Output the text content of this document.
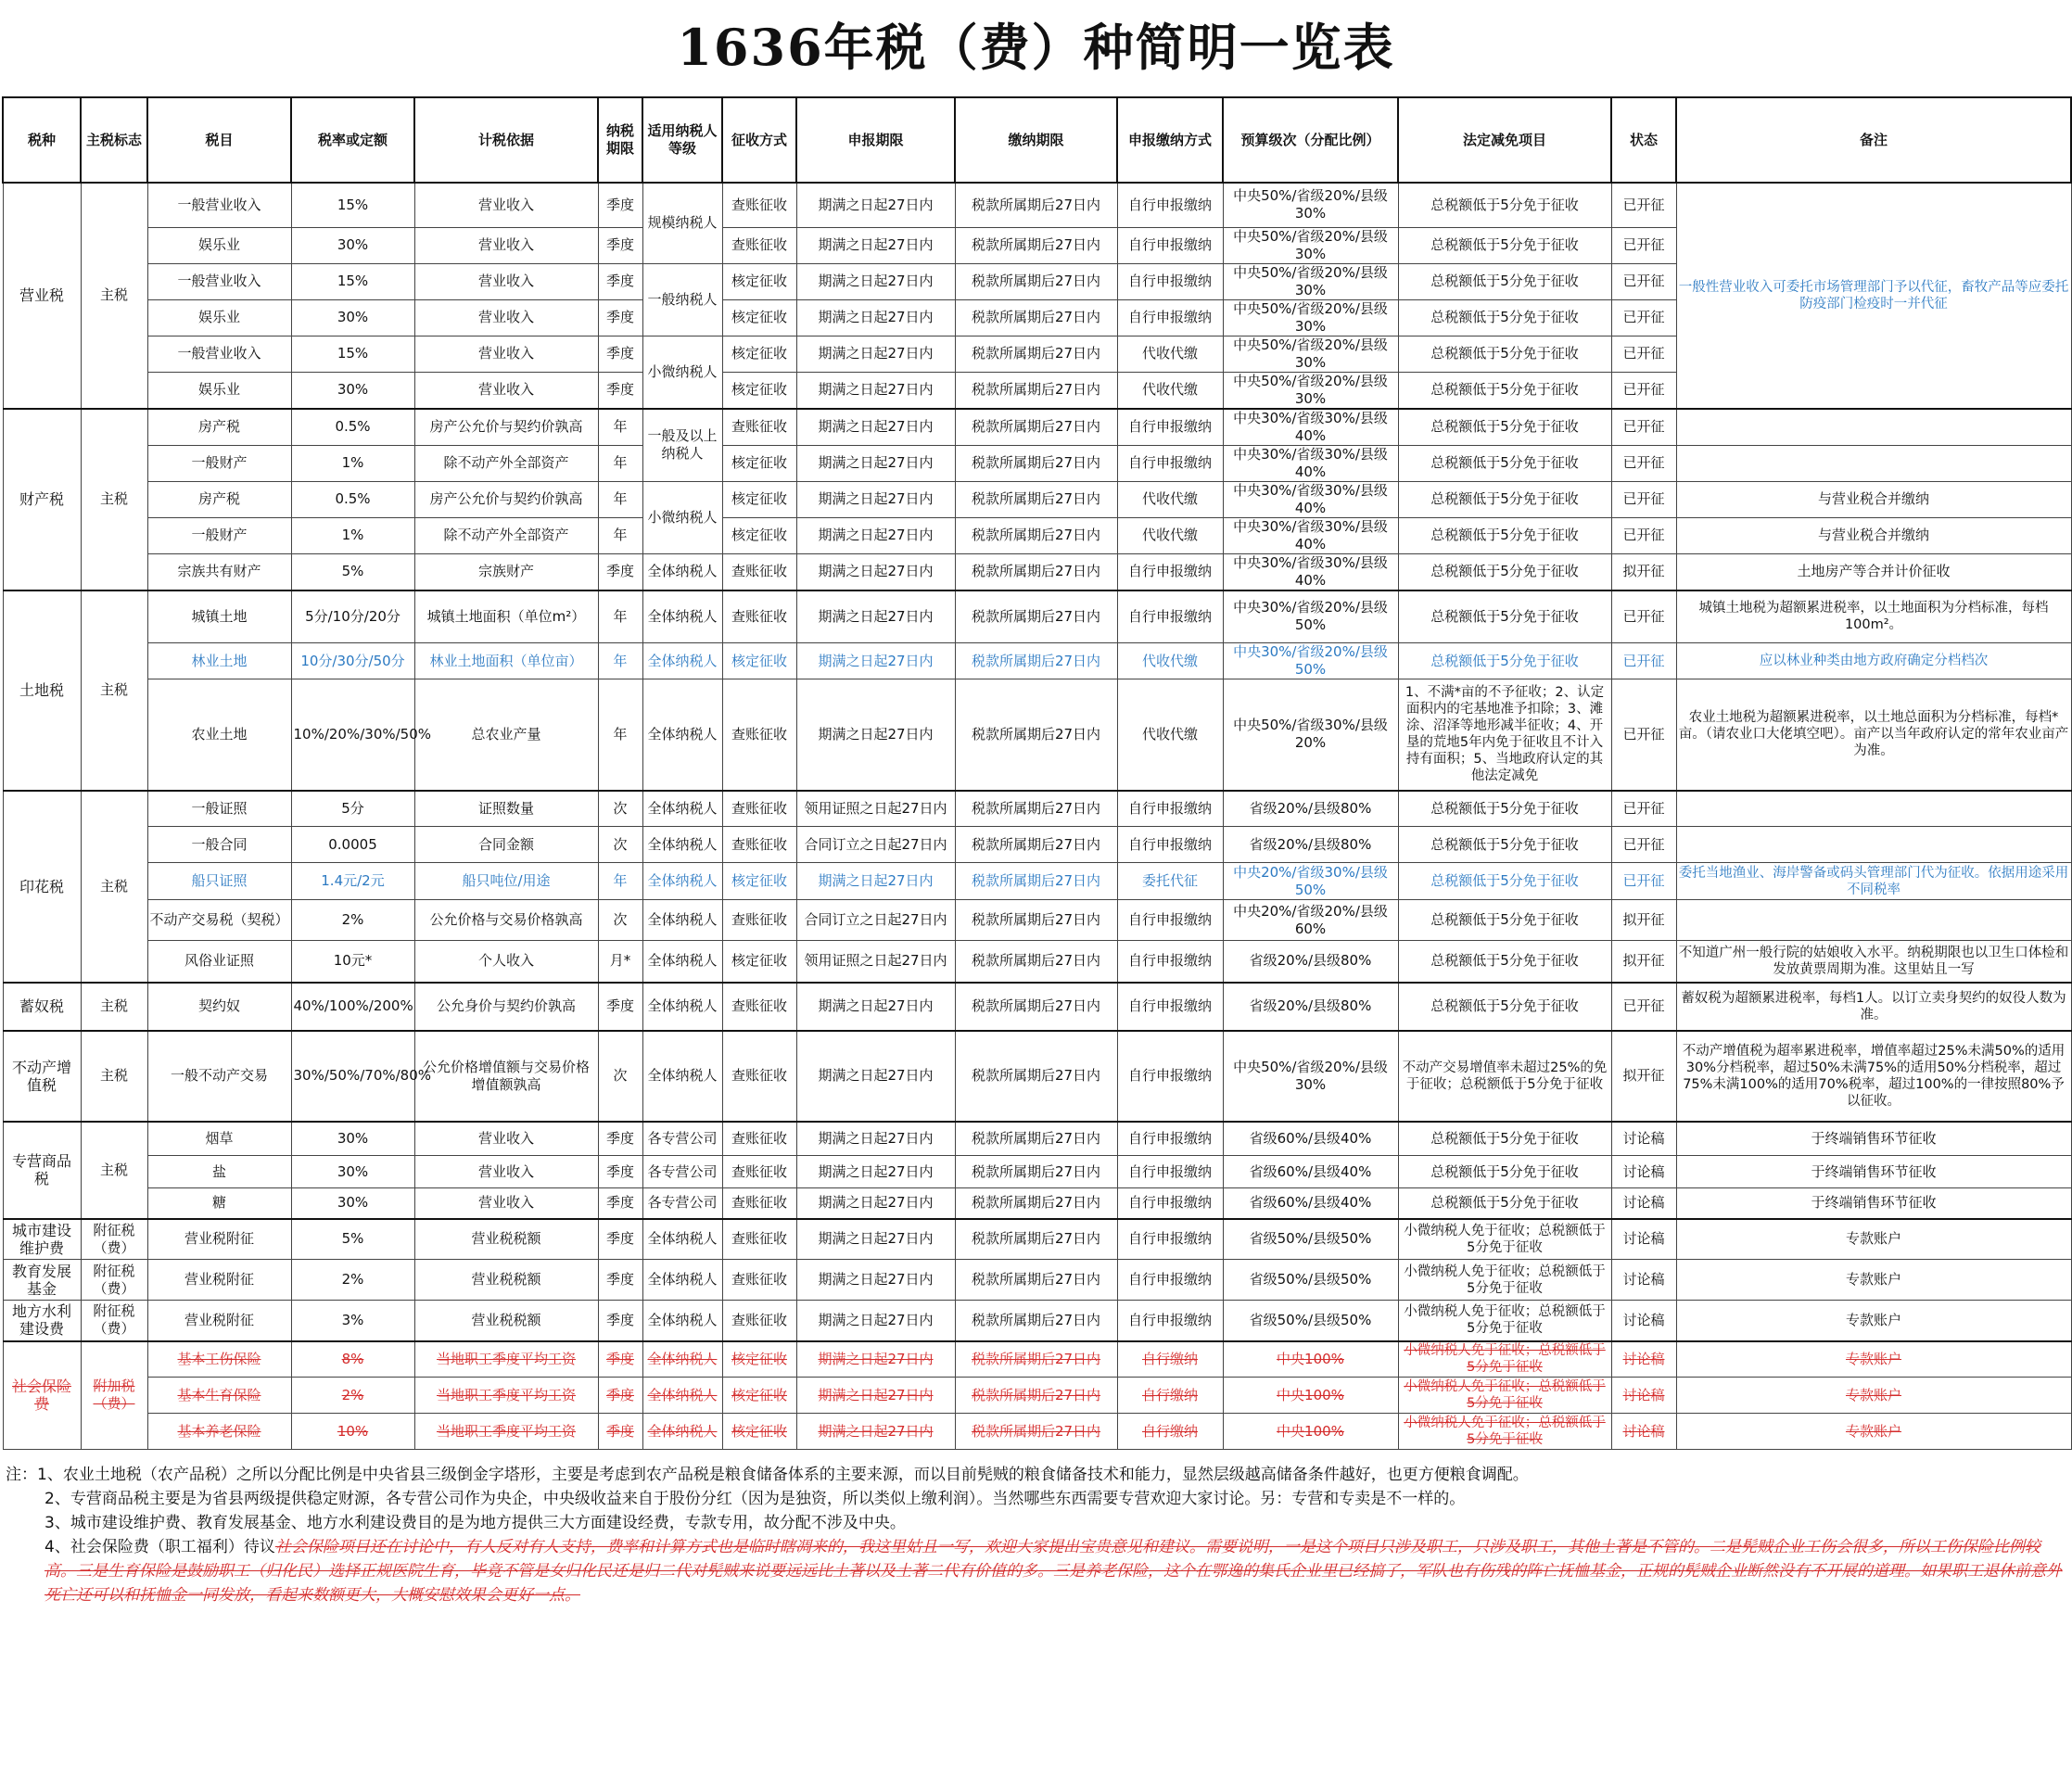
1636年税（费）种简明一览表
税种	主税标志	税目	税率或定额	计税依据	纳税期限	适用纳税人等级	征收方式	申报期限	缴纳期限	申报缴纳方式	预算级次（分配比例）	法定减免项目	状态	备注
营业税	主税	一般营业收入	15%	营业收入	季度	规模纳税人	查账征收	期满之日起27日内	税款所属期后27日内	自行申报缴纳	中央50%/省级20%/县级30%	总税额低于5分免于征收	已开征	一般性营业收入可委托市场管理部门予以代征，畜牧产品等应委托防疫部门检疫时一并代征
		娱乐业	30%	营业收入	季度		查账征收	期满之日起27日内	税款所属期后27日内	自行申报缴纳	中央50%/省级20%/县级30%	总税额低于5分免于征收	已开征	
		一般营业收入	15%	营业收入	季度	一般纳税人	核定征收	期满之日起27日内	税款所属期后27日内	自行申报缴纳	中央50%/省级20%/县级30%	总税额低于5分免于征收	已开征	
		娱乐业	30%	营业收入	季度		核定征收	期满之日起27日内	税款所属期后27日内	自行申报缴纳	中央50%/省级20%/县级30%	总税额低于5分免于征收	已开征	
		一般营业收入	15%	营业收入	季度	小微纳税人	核定征收	期满之日起27日内	税款所属期后27日内	代收代缴	中央50%/省级20%/县级30%	总税额低于5分免于征收	已开征	
		娱乐业	30%	营业收入	季度		核定征收	期满之日起27日内	税款所属期后27日内	代收代缴	中央50%/省级20%/县级30%	总税额低于5分免于征收	已开征	
财产税	主税	房产税	0.5%	房产公允价与契约价孰高	年	一般及以上纳税人	查账征收	期满之日起27日内	税款所属期后27日内	自行申报缴纳	中央30%/省级30%/县级40%	总税额低于5分免于征收	已开征	
		一般财产	1%	除不动产外全部资产	年		核定征收	期满之日起27日内	税款所属期后27日内	自行申报缴纳	中央30%/省级30%/县级40%	总税额低于5分免于征收	已开征	
		房产税	0.5%	房产公允价与契约价孰高	年	小微纳税人	核定征收	期满之日起27日内	税款所属期后27日内	代收代缴	中央30%/省级30%/县级40%	总税额低于5分免于征收	已开征	与营业税合并缴纳
		一般财产	1%	除不动产外全部资产	年		核定征收	期满之日起27日内	税款所属期后27日内	代收代缴	中央30%/省级30%/县级40%	总税额低于5分免于征收	已开征	与营业税合并缴纳
		宗族共有财产	5%	宗族财产	季度	全体纳税人	查账征收	期满之日起27日内	税款所属期后27日内	自行申报缴纳	中央30%/省级30%/县级40%	总税额低于5分免于征收	拟开征	土地房产等合并计价征收
土地税	主税	城镇土地	5分/10分/20分	城镇土地面积（单位m²）	年	全体纳税人	查账征收	期满之日起27日内	税款所属期后27日内	自行申报缴纳	中央30%/省级20%/县级50%	总税额低于5分免于征收	已开征	城镇土地税为超额累进税率，以土地面积为分档标准，每档100m²。
		林业土地	10分/30分/50分	林业土地面积（单位亩）	年	全体纳税人	核定征收	期满之日起27日内	税款所属期后27日内	代收代缴	中央30%/省级20%/县级50%	总税额低于5分免于征收	已开征	应以林业种类由地方政府确定分档档次
		农业土地	10%/20%/30%/50%	总农业产量	年	全体纳税人	查账征收	期满之日起27日内	税款所属期后27日内	代收代缴	中央50%/省级30%/县级20%	1、不满*亩的不予征收；2、认定面积内的宅基地准予扣除；3、滩涂、沼泽等地形减半征收；4、开垦的荒地5年内免于征收且不计入持有面积；5、当地政府认定的其他法定减免	已开征	农业土地税为超额累进税率，以土地总面积为分档标准，每档*亩。（请农业口大佬填空吧）。亩产以当年政府认定的常年农业亩产为准。
印花税	主税	一般证照	5分	证照数量	次	全体纳税人	查账征收	领用证照之日起27日内	税款所属期后27日内	自行申报缴纳	省级20%/县级80%	总税额低于5分免于征收	已开征	
		一般合同	0.0005	合同金额	次	全体纳税人	查账征收	合同订立之日起27日内	税款所属期后27日内	自行申报缴纳	省级20%/县级80%	总税额低于5分免于征收	已开征	
		船只证照	1.4元/2元	船只吨位/用途	年	全体纳税人	核定征收	期满之日起27日内	税款所属期后27日内	委托代征	中央20%/省级30%/县级50%	总税额低于5分免于征收	已开征	委托当地渔业、海岸警备或码头管理部门代为征收。依据用途采用不同税率
		不动产交易税（契税）	2%	公允价格与交易价格孰高	次	全体纳税人	查账征收	合同订立之日起27日内	税款所属期后27日内	自行申报缴纳	中央20%/省级20%/县级60%	总税额低于5分免于征收	拟开征	
		风俗业证照	10元*	个人收入	月*	全体纳税人	核定征收	领用证照之日起27日内	税款所属期后27日内	自行申报缴纳	省级20%/县级80%	总税额低于5分免于征收	拟开征	不知道广州一般行院的姑娘收入水平。纳税期限也以卫生口体检和发放黄票周期为准。这里姑且一写
蓄奴税	主税	契约奴	40%/100%/200%	公允身价与契约价孰高	季度	全体纳税人	查账征收	期满之日起27日内	税款所属期后27日内	自行申报缴纳	省级20%/县级80%	总税额低于5分免于征收	已开征	蓄奴税为超额累进税率，每档1人。以订立卖身契约的奴役人数为准。
不动产增值税	主税	一般不动产交易	30%/50%/70%/80%	公允价格增值额与交易价格增值额孰高	次	全体纳税人	查账征收	期满之日起27日内	税款所属期后27日内	自行申报缴纳	中央50%/省级20%/县级30%	不动产交易增值率未超过25%的免于征收；总税额低于5分免于征收	拟开征	不动产增值税为超率累进税率，增值率超过25%未满50%的适用30%分档税率，超过50%未满75%的适用50%分档税率，超过75%未满100%的适用70%税率，超过100%的一律按照80%予以征收。
专营商品税	主税	烟草	30%	营业收入	季度	各专营公司	查账征收	期满之日起27日内	税款所属期后27日内	自行申报缴纳	省级60%/县级40%	总税额低于5分免于征收	讨论稿	于终端销售环节征收
		盐	30%	营业收入	季度	各专营公司	查账征收	期满之日起27日内	税款所属期后27日内	自行申报缴纳	省级60%/县级40%	总税额低于5分免于征收	讨论稿	于终端销售环节征收
		糖	30%	营业收入	季度	各专营公司	查账征收	期满之日起27日内	税款所属期后27日内	自行申报缴纳	省级60%/县级40%	总税额低于5分免于征收	讨论稿	于终端销售环节征收
城市建设维护费	附征税（费）	营业税附征	5%	营业税税额	季度	全体纳税人	查账征收	期满之日起27日内	税款所属期后27日内	自行申报缴纳	省级50%/县级50%	小微纳税人免于征收；总税额低于5分免于征收	讨论稿	专款账户
教育发展基金	附征税（费）	营业税附征	2%	营业税税额	季度	全体纳税人	查账征收	期满之日起27日内	税款所属期后27日内	自行申报缴纳	省级50%/县级50%	小微纳税人免于征收；总税额低于5分免于征收	讨论稿	专款账户
地方水利建设费	附征税（费）	营业税附征	3%	营业税税额	季度	全体纳税人	查账征收	期满之日起27日内	税款所属期后27日内	自行申报缴纳	省级50%/县级50%	小微纳税人免于征收；总税额低于5分免于征收	讨论稿	专款账户
社会保险费	附加税（费）	基本工伤保险	8%	当地职工季度平均工资	季度	全体纳税人	核定征收	期满之日起27日内	税款所属期后27日内	自行缴纳	中央100%	小微纳税人免于征收；总税额低于5分免于征收	讨论稿	专款账户
		基本生育保险	2%	当地职工季度平均工资	季度	全体纳税人	核定征收	期满之日起27日内	税款所属期后27日内	自行缴纳	中央100%	小微纳税人免于征收；总税额低于5分免于征收	讨论稿	专款账户
		基本养老保险	10%	当地职工季度平均工资	季度	全体纳税人	核定征收	期满之日起27日内	税款所属期后27日内	自行缴纳	中央100%	小微纳税人免于征收；总税额低于5分免于征收	讨论稿	专款账户

注：1、农业土地税（农产品税）之所以分配比例是中央省县三级倒金字塔形，主要是考虑到农产品税是粮食储备体系的主要来源，而以目前髡贼的粮食储备技术和能力，显然层级越高储备条件越好，也更方便粮食调配。

2、专营商品税主要是为省县两级提供稳定财源，各专营公司作为央企，中央级收益来自于股份分红（因为是独资，所以类似上缴利润）。当然哪些东西需要专营欢迎大家讨论。另：专营和专卖是不一样的。

3、城市建设维护费、教育发展基金、地方水利建设费目的是为地方提供三大方面建设经费，专款专用，故分配不涉及中央。

4、社会保险费（职工福利）待议社会保险项目还在讨论中，有人反对有人支持，费率和计算方式也是临时瞎凋来的，我这里姑且一写，欢迎大家提出宝贵意见和建议。需要说明，一是这个项目只涉及职工，只涉及职工，其他土著是不管的。二是髡贼企业工伤会很多，所以工伤保险比例较高。三是生育保险是鼓励职工（归化民）选择正规医院生育，毕竟不管是女归化民还是归二代对髡贼来说要远远比土著以及土著二代有价值的多。三是养老保险，这个在鄂逸的集氏企业里已经搞了，军队也有伤残的阵亡抚恤基金，正规的髡贼企业断然没有不开展的道理。如果职工退休前意外死亡还可以和抚恤金一同发放，看起来数额更大，大概安慰效果会更好一点。
